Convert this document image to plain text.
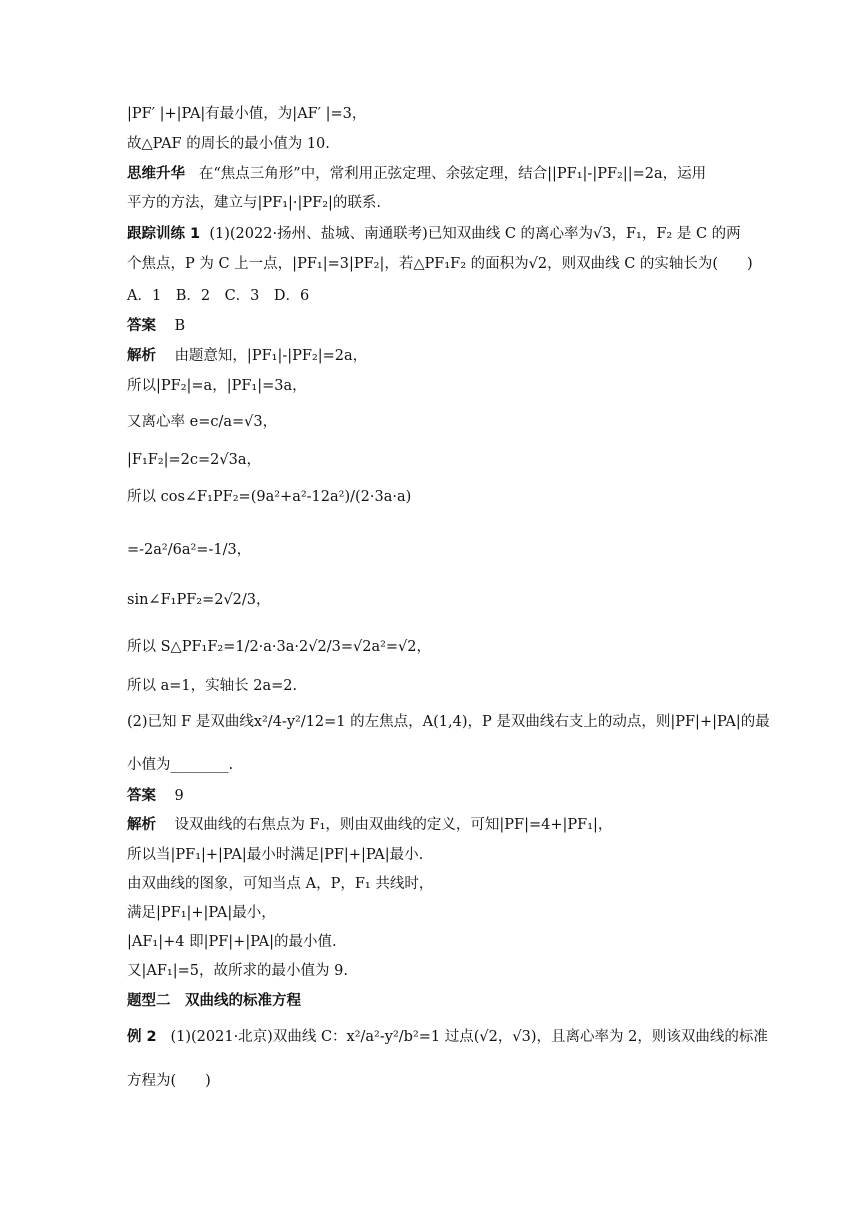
|PF′ |+|PA|有最小值，为|AF′ |=3，
故△PAF 的周长的最小值为 10.
思维升华 在“焦点三角形”中，常利用正弦定理、余弦定理，结合||PF₁|-|PF₂||=2a，运用
平方的方法，建立与|PF₁|·|PF₂|的联系.
跟踪训练 1 (1)(2022·扬州、盐城、南通联考)已知双曲线 C 的离心率为√3，F₁，F₂ 是 C 的两
个焦点，P 为 C 上一点，|PF₁|=3|PF₂|，若△PF₁F₂ 的面积为√2，则双曲线 C 的实轴长为(　　)
A．1　B．2　C．3　D．6
答案 B
解析 由题意知，|PF₁|-|PF₂|=2a，
所以|PF₂|=a，|PF₁|=3a，
又离心率 e=c/a=√3，
|F₁F₂|=2c=2√3a，
所以 cos∠F₁PF₂=(9a²+a²-12a²)/(2·3a·a)
=-2a²/6a²=-1/3，
sin∠F₁PF₂=2√2/3，
所以 S△PF₁F₂=1/2·a·3a·2√2/3=√2a²=√2，
所以 a=1，实轴长 2a=2.
(2)已知 F 是双曲线x²/4-y²/12=1 的左焦点，A(1,4)，P 是双曲线右支上的动点，则|PF|+|PA|的最
小值为________.
答案 9
解析 设双曲线的右焦点为 F₁，则由双曲线的定义，可知|PF|=4+|PF₁|，
所以当|PF₁|+|PA|最小时满足|PF|+|PA|最小.
由双曲线的图象，可知当点 A，P，F₁ 共线时，
满足|PF₁|+|PA|最小，
|AF₁|+4 即|PF|+|PA|的最小值.
又|AF₁|=5，故所求的最小值为 9.
题型二　双曲线的标准方程
例 2 (1)(2021·北京)双曲线 C：x²/a²-y²/b²=1 过点(√2，√3)，且离心率为 2，则该双曲线的标准
方程为(　　)
